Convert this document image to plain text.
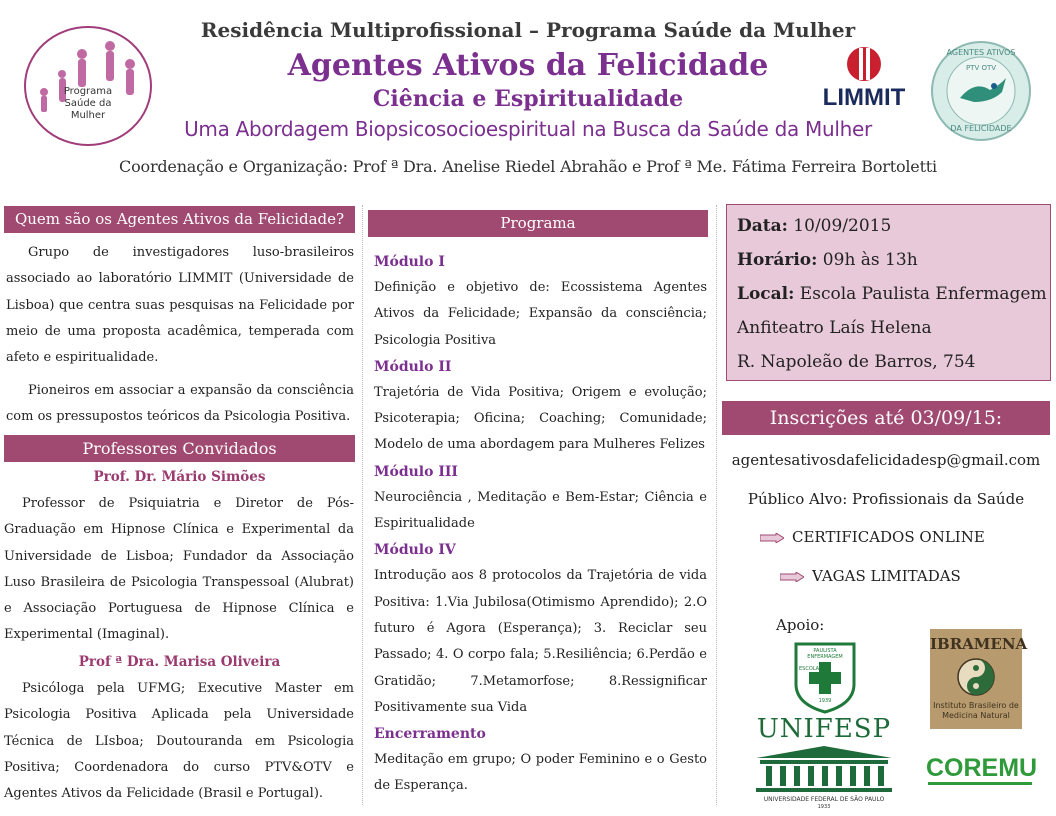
Programa
Saúde da Mulher
Residência Multiprofissional – Programa Saúde da Mulher
Agentes Ativos da Felicidade
Ciência e Espiritualidade
Uma Abordagem Biopsicosocioespiritual na Busca da Saúde da Mulher
Coordenação e Organização: Prof ª Dra. Anelise Riedel Abrahão e Prof ª Me. Fátima Ferreira Bortoletti
LIMMIT
AGENTES ATIVOS
PTV OTV
DA FELICIDADE
Quem são os Agentes Ativos da Felicidade?
Grupo de investigadores luso-brasileiros associado ao laboratório LIMMIT (Universidade de Lisboa) que centra suas pesquisas na Felicidade por meio de uma proposta acadêmica, temperada com afeto e espiritualidade.
Pioneiros em associar a expansão da consciência com os pressupostos teóricos da Psicologia Positiva.
Professores Convidados
Prof. Dr. Mário Simões
Professor de Psiquiatria e Diretor de Pós-Graduação em Hipnose Clínica e Experimental da Universidade de Lisboa; Fundador da Associação Luso Brasileira de Psicologia Transpessoal (Alubrat) e Associação Portuguesa de Hipnose Clínica e Experimental (Imaginal).
Prof ª Dra. Marisa Oliveira
Psicóloga pela UFMG; Executive Master em Psicologia Positiva Aplicada pela Universidade Técnica de LIsboa; Doutouranda em Psicologia Positiva; Coordenadora do curso PTV&OTV e Agentes Ativos da Felicidade (Brasil e Portugal).
Programa
Módulo I
Definição e objetivo de: Ecossistema Agentes Ativos da Felicidade; Expansão da consciência; Psicologia Positiva
Módulo II
Trajetória de Vida Positiva; Origem e evolução; Psicoterapia; Oficina; Coaching; Comunidade; Modelo de uma abordagem para Mulheres Felizes
Módulo III
Neurociência , Meditação e Bem-Estar; Ciência e Espiritualidade
Módulo IV
Introdução aos 8 protocolos da Trajetória de vida Positiva: 1.Via Jubilosa(Otimismo Aprendido); 2.O futuro é Agora (Esperança); 3. Reciclar seu Passado; 4. O corpo fala; 5.Resiliência; 6.Perdão e Gratidão; 7.Metamorfose; 8.Ressignificar Positivamente sua Vida
Encerramento
Meditação em grupo; O poder Feminino e o Gesto de Esperança.
Data: 10/09/2015
Horário: 09h às 13h
Local: Escola Paulista Enfermagem
Anfiteatro Laís Helena
R. Napoleão de Barros, 754
Inscrições até 03/09/15:
agentesativosdafelicidadesp@gmail.com
Público Alvo: Profissionais da Saúde
CERTIFICADOS ONLINE
VAGAS LIMITADAS
Apoio:
PAULISTA ENFERMAGEM
ESCOLA
1939
UNIFESP
UNIVERSIDADE FEDERAL DE SÃO PAULO
1933
IBRAMENA
Instituto Brasileiro de Medicina Natural
COREMU
